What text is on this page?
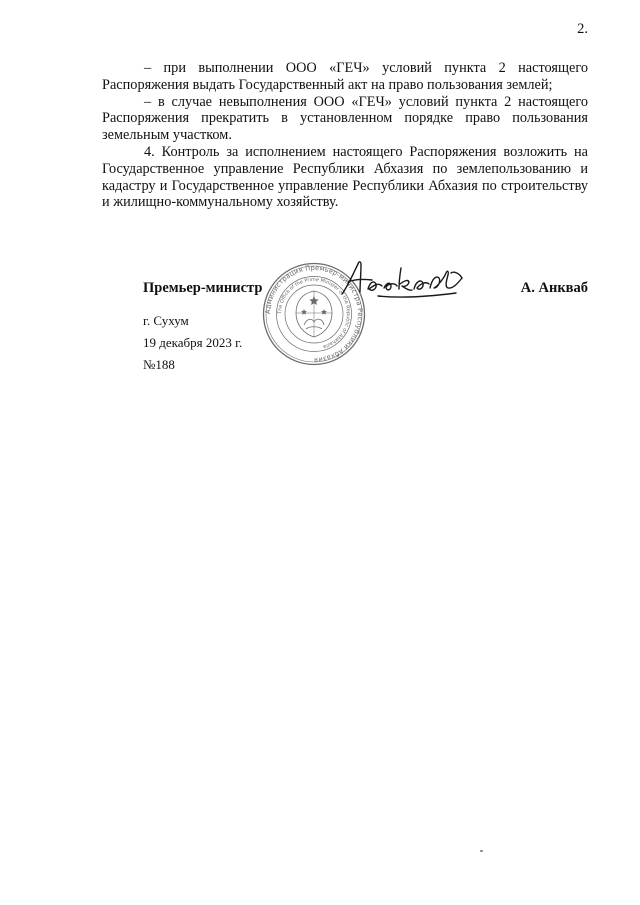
2.

– при выполнении ООО «ГЕЧ» условий пункта 2 настоящего Распоряжения выдать Государственный акт на право пользования землей;

– в случае невыполнения ООО «ГЕЧ» условий пункта 2 настоящего Распоряжения прекратить в установленном порядке право пользования земельным участком.

4. Контроль за исполнением настоящего Распоряжения возложить на Государственное управление Республики Абхазия по землепользованию и кадастру и Государственное управление Республики Абхазия по строительству и жилищно-коммунальному хозяйству.

Администрация Премьер-министра Республики Абхазия
The Office of the Prime Minister of the Republic of Abkhazia
Премьер-министр	А. Анкваб
г. Сухум
19 декабря 2023 г.
№188
